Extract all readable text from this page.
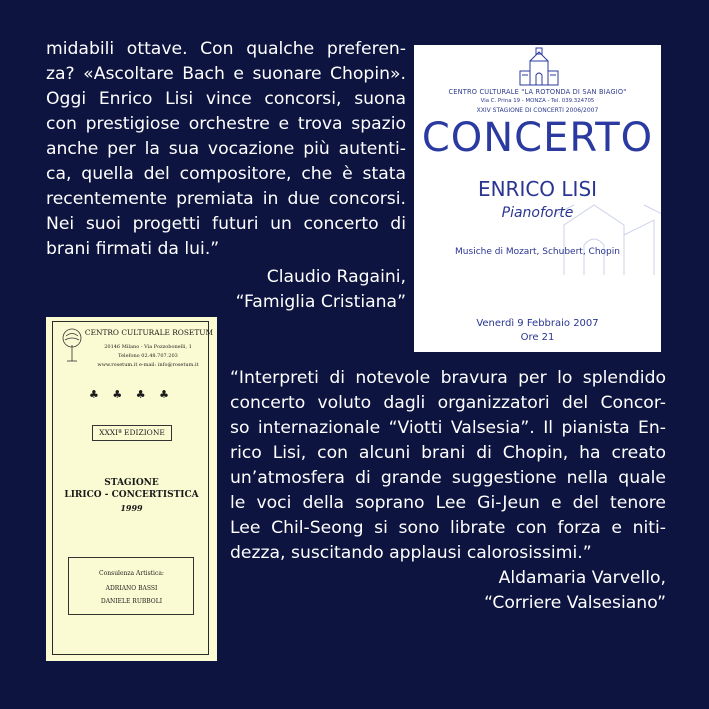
midabili ottave. Con qualche preferen-
za? «Ascoltare Bach e suonare Chopin».
Oggi Enrico Lisi vince concorsi, suona
con prestigiose orchestre e trova spazio
anche per la sua vocazione più autenti-
ca, quella del compositore, che è stata
recentemente premiata in due concorsi.
Nei suoi progetti futuri un concerto di
brani firmati da lui.”
Claudio Ragaini,
“Famiglia Cristiana”
CENTRO CULTURALE "LA ROTONDA DI SAN BIAGIO"
Via C. Prina 19 - MONZA - Tel. 039.324705
XXIV STAGIONE DI CONCERTI 2006/2007
CONCERTO
ENRICO LISI
Pianoforte
Musiche di Mozart, Schubert, Chopin
Venerdì 9 Febbraio 2007
Ore 21
CENTRO CULTURALE ROSETUM
20146 Milano - Via Pozzobonelli, 1
Telefono 02.48.707.203
www.rosetum.it e-mail: info@rosetum.it
♣ ♣ ♣ ♣
XXXIª EDIZIONE
STAGIONE
LIRICO - CONCERTISTICA
1999
Consulenza Artistica:
ADRIANO BASSI
DANIELE RUBBOLI
“Interpreti di notevole bravura per lo splendido
concerto voluto dagli organizzatori del Concor-
so internazionale “Viotti Valsesia”. Il pianista En-
rico Lisi, con alcuni brani di Chopin, ha creato
un’atmosfera di grande suggestione nella quale
le voci della soprano Lee Gi-Jeun e del tenore
Lee Chil-Seong si sono librate con forza e niti-
dezza, suscitando applausi calorosissimi.”
Aldamaria Varvello,
“Corriere Valsesiano”
